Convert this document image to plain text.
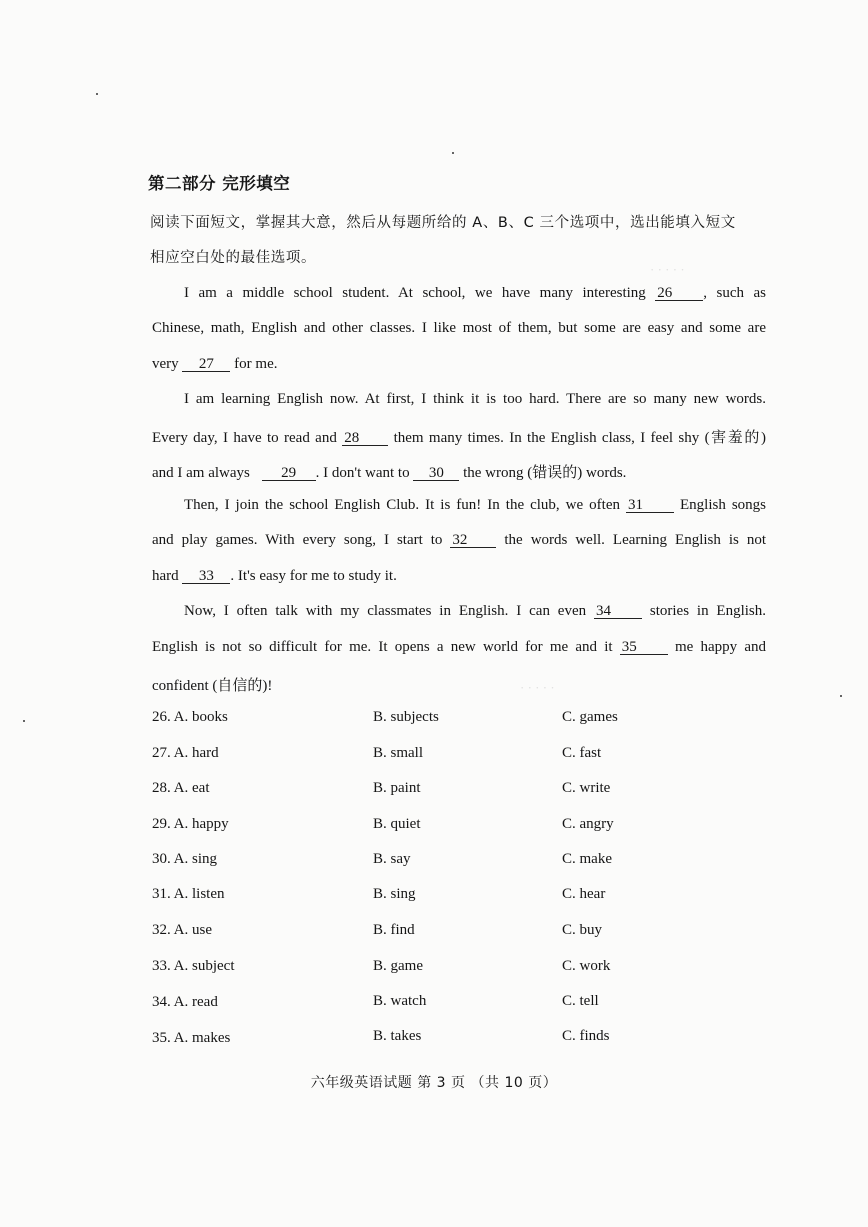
· · · · ·
· · · · ·
第二部分 完形填空
阅读下面短文，掌握其大意，然后从每题所给的 A、B、C 三个选项中，选出能填入短文
相应空白处的最佳选项。
I am a middle school student. At school, we have many interesting 26 , such as
Chinese, math, English and other classes. I like most of them, but some are easy and some are
very 27 for me.
I am learning English now. At first, I think it is too hard. There are so many new words.
Every day, I have to read and 28 them many times. In the English class, I feel shy (害羞的)
and I am always 29 . I don't want to 30 the wrong (错误的) words.
Then, I join the school English Club. It is fun! In the club, we often 31 English songs
and play games. With every song, I start to 32 the words well. Learning English is not
hard 33 . It's easy for me to study it.
Now, I often talk with my classmates in English. I can even 34	stories in English.
English is not so difficult for me. It opens a new world for me and it 35	me happy and
confident (自信的)!
26. A. books	B. subjects	C. games
27. A. hard	B. small	C. fast
28. A. eat	B. paint	C. write
29. A. happy	B. quiet	C. angry
30. A. sing	B. say	C. make
31. A. listen	B. sing	C. hear
32. A. use	B. find	C. buy
33. A. subject	B. game	C. work
34. A. read	B. watch	C. tell
35. A. makes	B. takes	C. finds
六年级英语试题 第 3 页 （共 10 页）
